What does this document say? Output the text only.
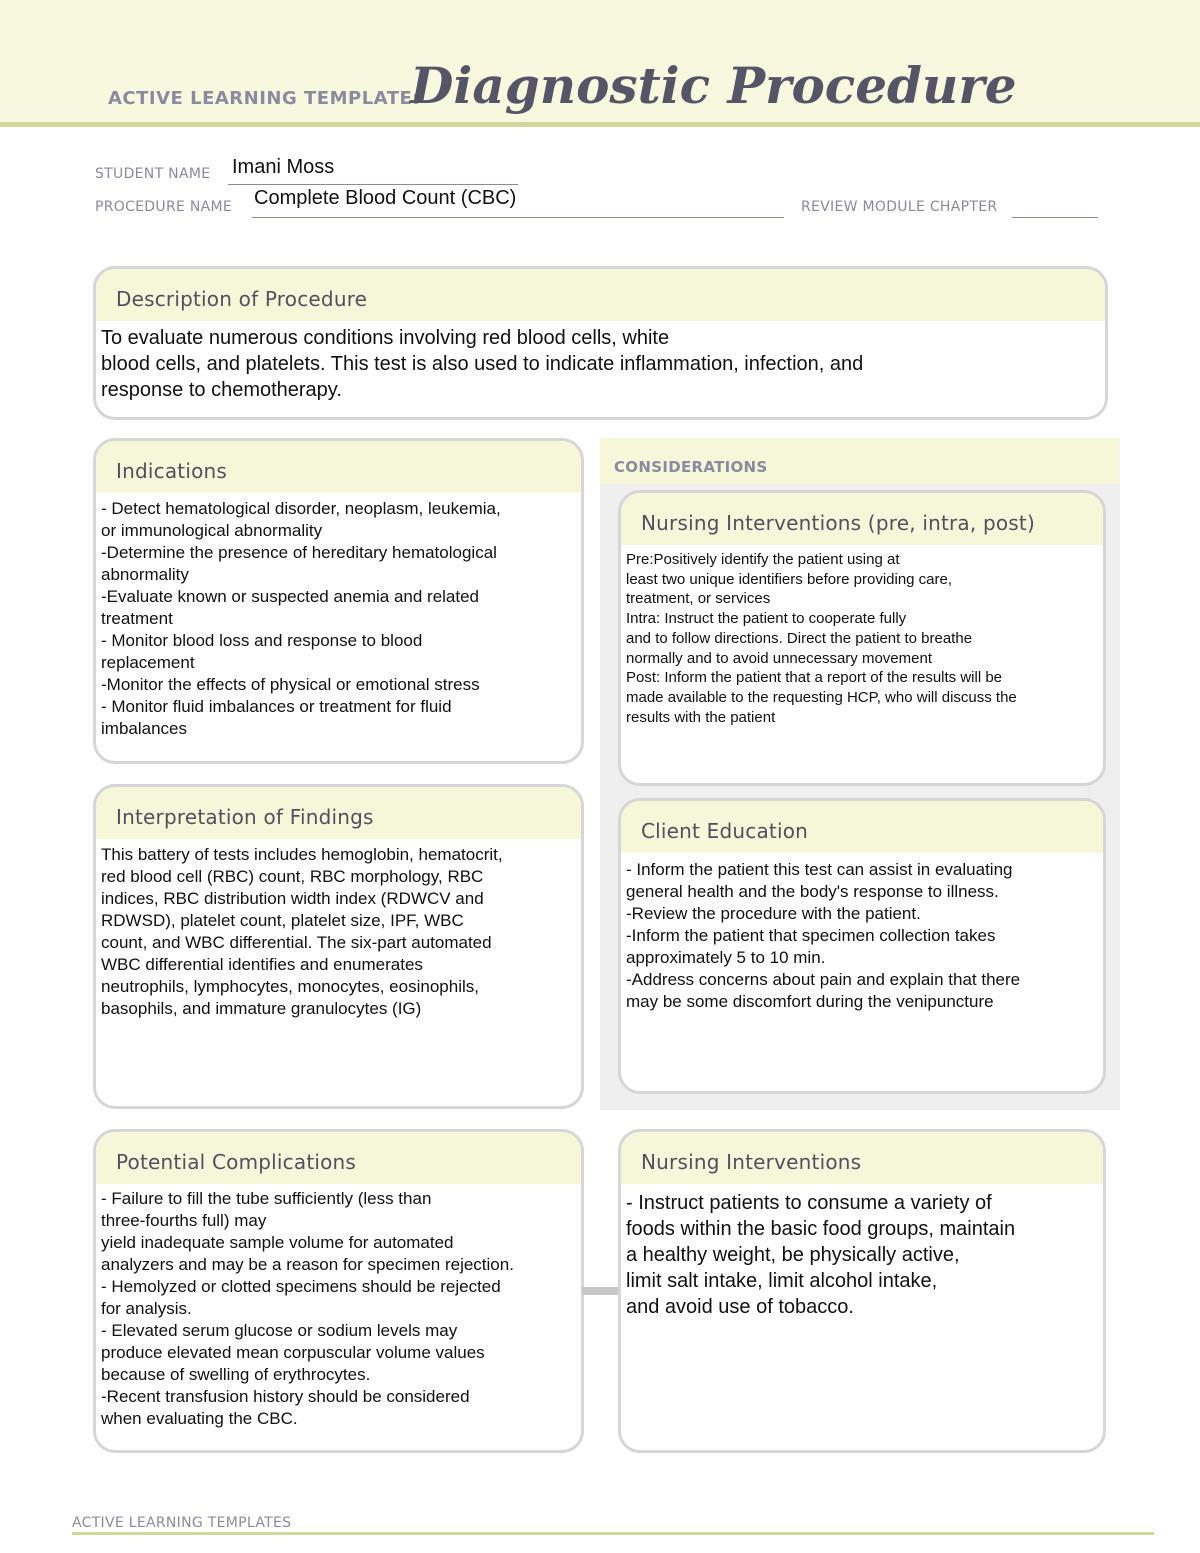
ACTIVE LEARNING TEMPLATE:
Diagnostic Procedure
STUDENT NAME Imani Moss
PROCEDURE NAME Complete Blood Count (CBC)	REVIEW MODULE CHAPTER
Description of Procedure
To evaluate numerous conditions involving red blood cells, white
blood cells, and platelets. This test is also used to indicate inflammation, infection, and
response to chemotherapy.
CONSIDERATIONS
Indications
- Detect hematological disorder, neoplasm, leukemia,
or immunological abnormality
-Determine the presence of hereditary hematological
abnormality
-Evaluate known or suspected anemia and related
treatment
- Monitor blood loss and response to blood
replacement
-Monitor the effects of physical or emotional stress
- Monitor fluid imbalances or treatment for fluid
imbalances
Nursing Interventions (pre, intra, post)
Pre:Positively identify the patient using at
least two unique identifiers before providing care,
treatment, or services
Intra: Instruct the patient to cooperate fully
and to follow directions. Direct the patient to breathe
normally and to avoid unnecessary movement
Post: Inform the patient that a report of the results will be
made available to the requesting HCP, who will discuss the
results with the patient
Interpretation of Findings
This battery of tests includes hemoglobin, hematocrit,
red blood cell (RBC) count, RBC morphology, RBC
indices, RBC distribution width index (RDWCV and
RDWSD), platelet count, platelet size, IPF, WBC
count, and WBC differential. The six-part automated
WBC differential identifies and enumerates
neutrophils, lymphocytes, monocytes, eosinophils,
basophils, and immature granulocytes (IG)
Client Education
- Inform the patient this test can assist in evaluating
general health and the body's response to illness.
-Review the procedure with the patient.
-Inform the patient that specimen collection takes
approximately 5 to 10 min.
-Address concerns about pain and explain that there
may be some discomfort during the venipuncture
Potential Complications
- Failure to fill the tube sufficiently (less than
three-fourths full) may
yield inadequate sample volume for automated
analyzers and may be a reason for specimen rejection.
- Hemolyzed or clotted specimens should be rejected
for analysis.
- Elevated serum glucose or sodium levels may
produce elevated mean corpuscular volume values
because of swelling of erythrocytes.
-Recent transfusion history should be considered
when evaluating the CBC.
Nursing Interventions
- Instruct patients to consume a variety of
foods within the basic food groups, maintain
a healthy weight, be physically active,
limit salt intake, limit alcohol intake,
and avoid use of tobacco.
ACTIVE LEARNING TEMPLATES
